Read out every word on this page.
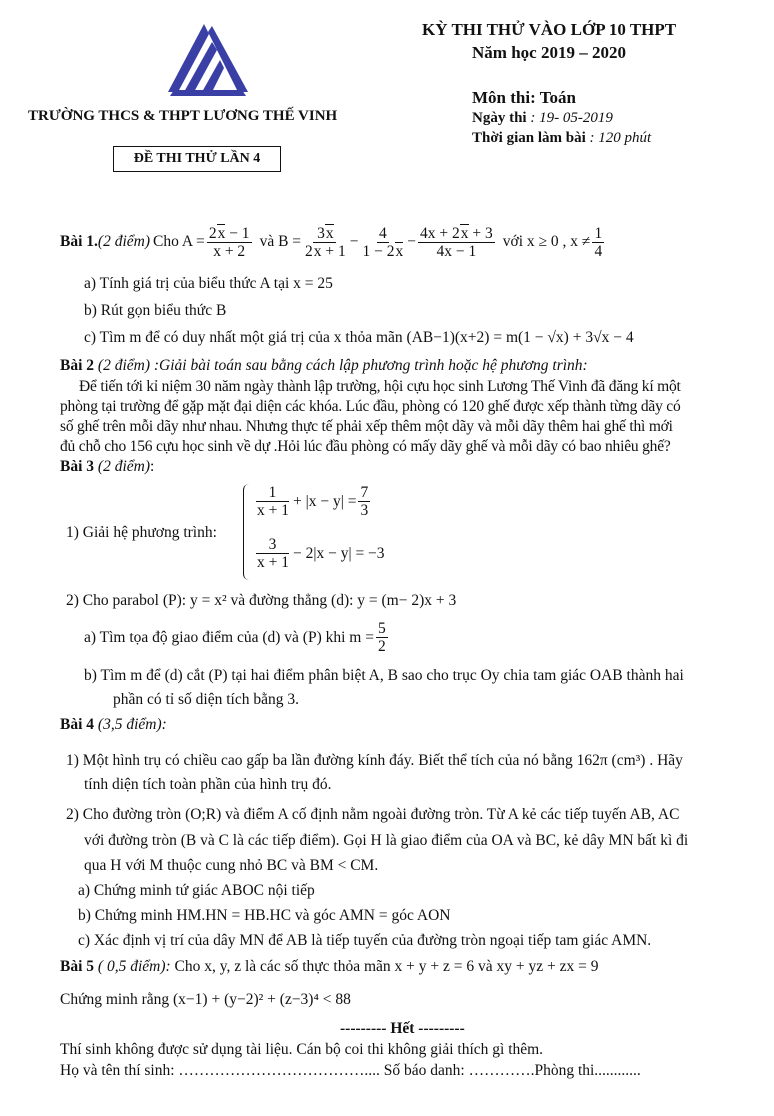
KỲ THI THỬ VÀO LỚP 10 THPT
Năm học 2019 – 2020
TRƯỜNG THCS & THPT LƯƠNG THẾ VINH
Môn thi: Toán
Ngày thi : 19- 05-2019
Thời gian làm bài : 120 phút
ĐỀ THI THỬ LẦN 4
Bài 1. (2 điểm) Cho $A = \frac{2x - 1}{x + 2}$ và $B = \frac{3x}{2x + 1} - \frac{4}{1 - 2x} - \frac{4x + 2x + 3}{4x - 1}$ với x ≥ 0 , $x \ne \frac{1}{4}$
a) Tính giá trị của biểu thức A tại x = 25
b) Rút gọn biểu thức B
c) Tìm m để có duy nhất một giá trị của x thỏa mãn (AB−1)(x+2) = m(1 − √x) + 3√x − 4
Bài 2 (2 điểm) :Giải bài toán sau bằng cách lập phương trình hoặc hệ phương trình:
Để tiến tới kỉ niệm 30 năm ngày thành lập trường, hội cựu học sinh Lương Thế Vinh đã đăng kí một
phòng tại trường để gặp mặt đại diện các khóa. Lúc đầu, phòng có 120 ghế được xếp thành từng dãy có
số ghế trên mỗi dãy như nhau. Nhưng thực tế phải xếp thêm một dãy và mỗi dãy thêm hai ghế thì mới
đủ chỗ cho 156 cựu học sinh về dự .Hỏi lúc đầu phòng có mấy dãy ghế và mỗi dãy có bao nhiêu ghế?
Bài 3 (2 điểm):
1) Giải hệ phương trình:
$\frac{1}{x + 1} + |x - y| = \frac{7}{3}$
$\frac{3}{x + 1} - 2|x - y| = -3$
2) Cho parabol (P): y = x² và đường thẳng (d): y = (m− 2)x + 3
a) Tìm tọa độ giao điểm của (d) và (P) khi $m = \frac{5}{2}$
b) Tìm m để (d) cắt (P) tại hai điểm phân biệt A, B sao cho trục Oy chia tam giác OAB thành hai
phần có tỉ số diện tích bằng 3.
Bài 4 (3,5 điểm):
1) Một hình trụ có chiều cao gấp ba lần đường kính đáy. Biết thể tích của nó bằng 162π (cm³) . Hãy
tính diện tích toàn phần của hình trụ đó.
2) Cho đường tròn (O;R) và điểm A cố định nằm ngoài đường tròn. Từ A kẻ các tiếp tuyến AB, AC
với đường tròn (B và C là các tiếp điểm). Gọi H là giao điểm của OA và BC, kẻ dây MN bất kì đi
qua H với M thuộc cung nhỏ BC và BM < CM.
a) Chứng minh tứ giác ABOC nội tiếp
b) Chứng minh HM.HN = HB.HC và góc AMN = góc AON
c) Xác định vị trí của dây MN để AB là tiếp tuyến của đường tròn ngoại tiếp tam giác AMN.
Bài 5 ( 0,5 điểm): Cho x, y, z là các số thực thỏa mãn x + y + z = 6 và xy + yz + zx = 9
Chứng minh rằng (x−1) + (y−2)² + (z−3)⁴ < 88
--------- Hết ---------
Thí sinh không được sử dụng tài liệu. Cán bộ coi thi không giải thích gì thêm.
Họ và tên thí sinh: ……………………………….... Số báo danh: ………….Phòng thi............
